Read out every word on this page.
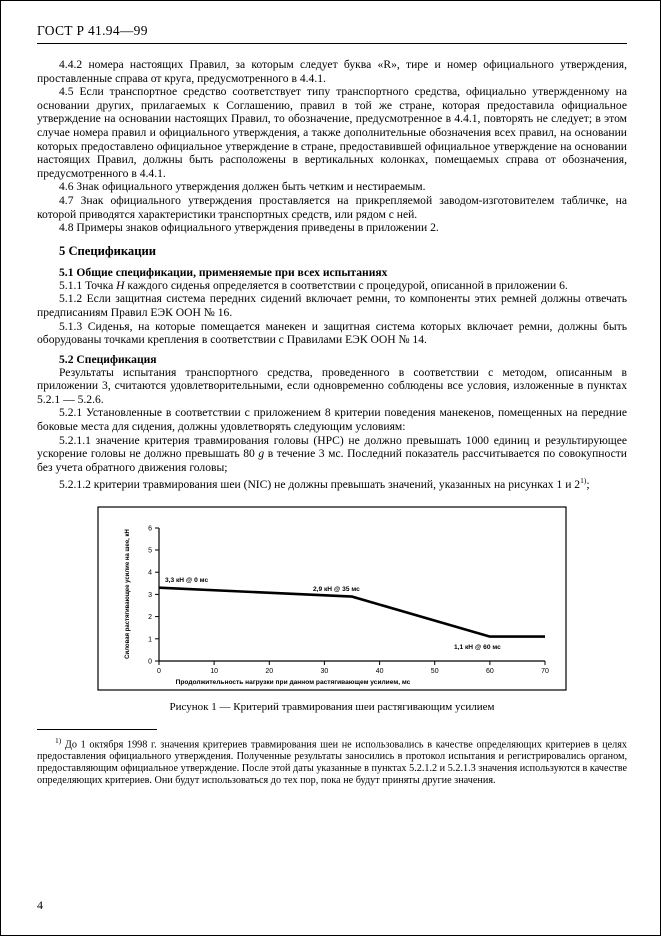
ГОСТ Р 41.94—99

4.4.2 номера настоящих Правил, за которым следует буква «R», тире и номер официального утверждения, проставленные справа от круга, предусмотренного в 4.4.1.

4.5 Если транспортное средство соответствует типу транспортного средства, официально утвержденному на основании других, прилагаемых к Соглашению, правил в той же стране, которая предоставила официальное утверждение на основании настоящих Правил, то обозначение, предусмотренное в 4.4.1, повторять не следует; в этом случае номера правил и официального утверждения, а также дополнительные обозначения всех правил, на основании которых предоставлено официальное утверждение в стране, предоставившей официальное утверждение на основании настоящих Правил, должны быть расположены в вертикальных колонках, помещаемых справа от обозначения, предусмотренного в 4.4.1.

4.6 Знак официального утверждения должен быть четким и нестираемым.

4.7 Знак официального утверждения проставляется на прикрепляемой заводом-изготовителем табличке, на которой приводятся характеристики транспортных средств, или рядом с ней.

4.8 Примеры знаков официального утверждения приведены в приложении 2.

5 Спецификации
5.1 Общие спецификации, применяемые при всех испытаниях

5.1.1 Точка Н каждого сиденья определяется в соответствии с процедурой, описанной в приложении 6.

5.1.2 Если защитная система передних сидений включает ремни, то компоненты этих ремней должны отвечать предписаниям Правил ЕЭК ООН № 16.

5.1.3 Сиденья, на которые помещается манекен и защитная система которых включает ремни, должны быть оборудованы точками крепления в соответствии с Правилами ЕЭК ООН № 14.

5.2 Спецификация

Результаты испытания транспортного средства, проведенного в соответствии с методом, описанным в приложении 3, считаются удовлетворительными, если одновременно соблюдены все условия, изложенные в пунктах 5.2.1 — 5.2.6.

5.2.1 Установленные в соответствии с приложением 8 критерии поведения манекенов, помещенных на передние боковые места для сидения, должны удовлетворять следующим условиям:

5.2.1.1 значение критерия травмирования головы (HPC) не должно превышать 1000 единиц и результирующее ускорение головы не должно превышать 80 g в течение 3 мс. Последний показатель рассчитывается по совокупности без учета обратного движения головы;

5.2.1.2 критерии травмирования шеи (NIC) не должны превышать значений, указанных на рисунках 1 и 2$^{1)}$;

0
1
2
3
4
5
6
0	10	20	30	40	50	60	70
3,3 кН @ 0 мс
2,9 кН @ 35 мс
1,1 кН @ 60 мс
Продолжительность нагрузки при данном растягивающем усилием, мс
Силовая растягивающее усилие на шее, кН
Рисунок 1 — Критерий травмирования шеи растягивающим усилием
$^{1)}$ До 1 октября 1998 г. значения критериев травмирования шеи не использовались в качестве определяющих критериев в целях предоставления официального утверждения. Полученные результаты заносились в протокол испытания и регистрировались органом, предоставляющим официальное утверждение. После этой даты указанные в пунктах 5.2.1.2 и 5.2.1.3 значения используются в качестве определяющих критериев. Они будут использоваться до тех пор, пока не будут приняты другие значения.
4
